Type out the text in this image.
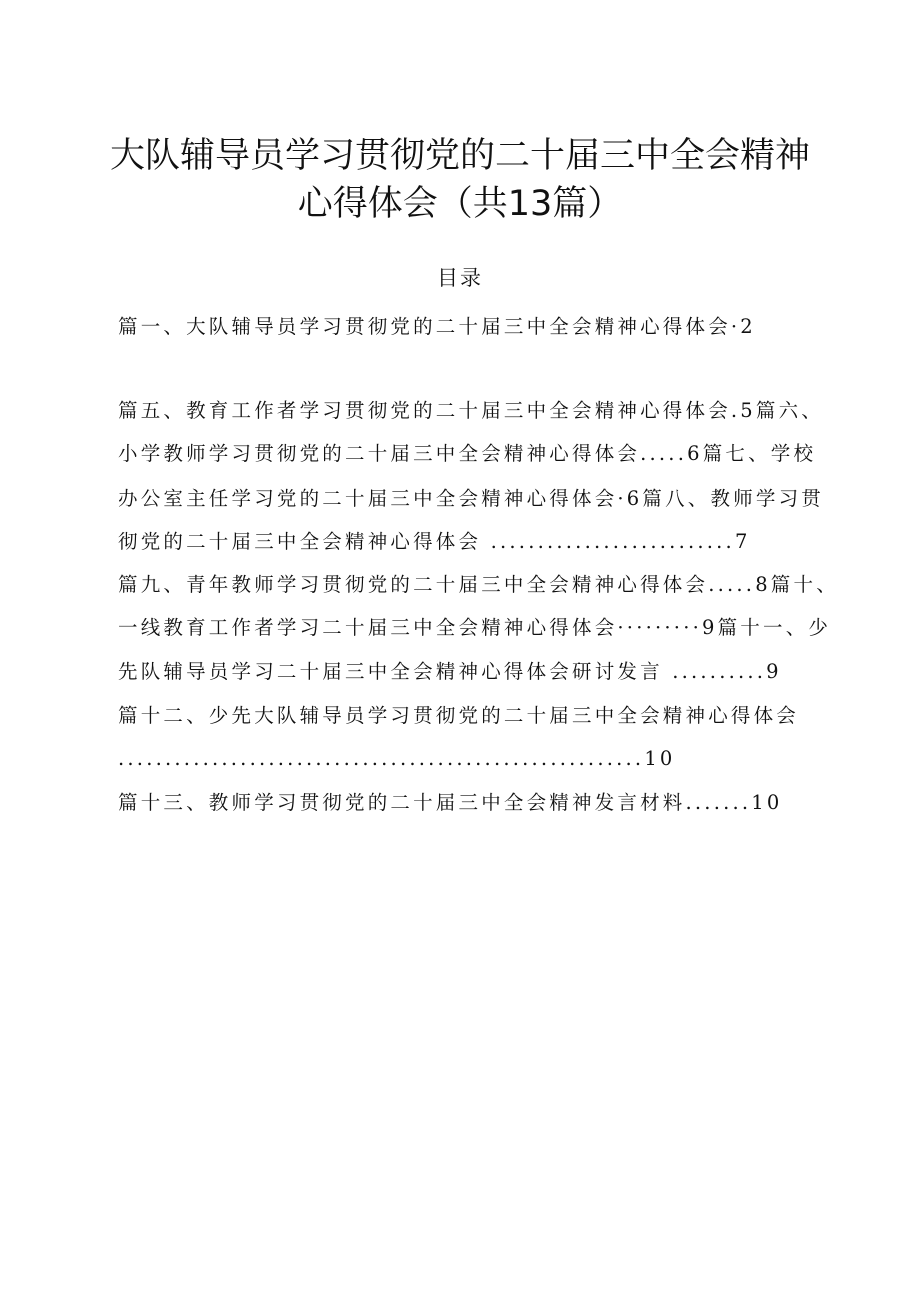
大队辅导员学习贯彻党的二十届三中全会精神
心得体会（共13篇）
目录
篇一、大队辅导员学习贯彻党的二十届三中全会精神心得体会·2
篇五、教育工作者学习贯彻党的二十届三中全会精神心得体会.5篇六、
小学教师学习贯彻党的二十届三中全会精神心得体会.....6篇七、学校
办公室主任学习党的二十届三中全会精神心得体会·6篇八、教师学习贯
彻党的二十届三中全会精神心得体会 ..........................7
篇九、青年教师学习贯彻党的二十届三中全会精神心得体会.....8篇十、
一线教育工作者学习二十届三中全会精神心得体会·········9篇十一、少
先队辅导员学习二十届三中全会精神心得体会研讨发言 ..........9
篇十二、少先大队辅导员学习贯彻党的二十届三中全会精神心得体会
........................................................10
篇十三、教师学习贯彻党的二十届三中全会精神发言材料.......10
